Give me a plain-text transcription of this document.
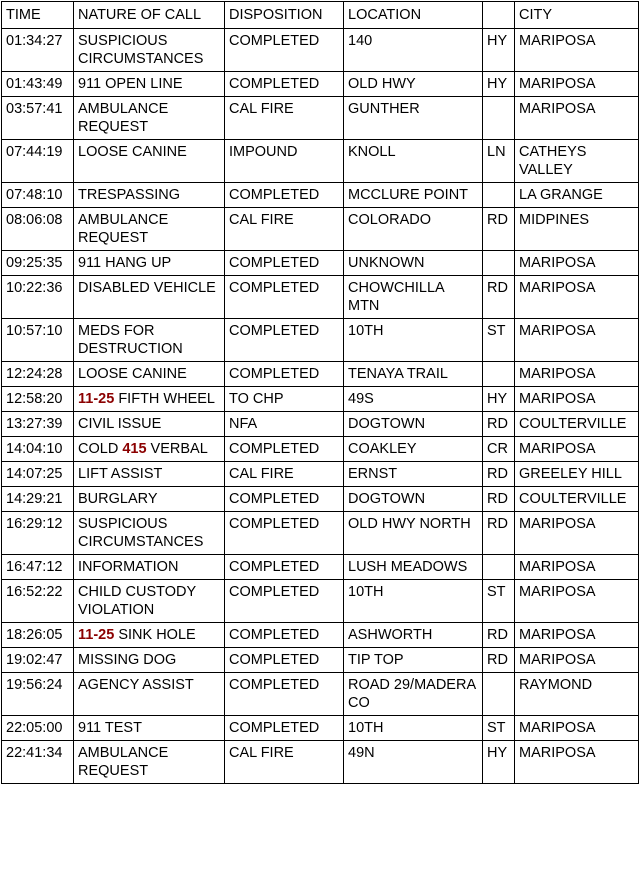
TIME	NATURE OF CALL	DISPOSITION	LOCATION		CITY
01:34:27	SUSPICIOUS CIRCUMSTANCES	COMPLETED	140	HY	MARIPOSA
01:43:49	911 OPEN LINE	COMPLETED	OLD HWY	HY	MARIPOSA
03:57:41	AMBULANCE REQUEST	CAL FIRE	GUNTHER		MARIPOSA
07:44:19	LOOSE CANINE	IMPOUND	KNOLL	LN	CATHEYS VALLEY
07:48:10	TRESPASSING	COMPLETED	MCCLURE POINT		LA GRANGE
08:06:08	AMBULANCE REQUEST	CAL FIRE	COLORADO	RD	MIDPINES
09:25:35	911 HANG UP	COMPLETED	UNKNOWN		MARIPOSA
10:22:36	DISABLED VEHICLE	COMPLETED	CHOWCHILLA MTN	RD	MARIPOSA
10:57:10	MEDS FOR DESTRUCTION	COMPLETED	10TH	ST	MARIPOSA
12:24:28	LOOSE CANINE	COMPLETED	TENAYA TRAIL		MARIPOSA
12:58:20	11-25 FIFTH WHEEL	TO CHP	49S	HY	MARIPOSA
13:27:39	CIVIL ISSUE	NFA	DOGTOWN	RD	COULTERVILLE
14:04:10	COLD 415 VERBAL	COMPLETED	COAKLEY	CR	MARIPOSA
14:07:25	LIFT ASSIST	CAL FIRE	ERNST	RD	GREELEY HILL
14:29:21	BURGLARY	COMPLETED	DOGTOWN	RD	COULTERVILLE
16:29:12	SUSPICIOUS CIRCUMSTANCES	COMPLETED	OLD HWY NORTH	RD	MARIPOSA
16:47:12	INFORMATION	COMPLETED	LUSH MEADOWS		MARIPOSA
16:52:22	CHILD CUSTODY VIOLATION	COMPLETED	10TH	ST	MARIPOSA
18:26:05	11-25 SINK HOLE	COMPLETED	ASHWORTH	RD	MARIPOSA
19:02:47	MISSING DOG	COMPLETED	TIP TOP	RD	MARIPOSA
19:56:24	AGENCY ASSIST	COMPLETED	ROAD 29/MADERA CO		RAYMOND
22:05:00	911 TEST	COMPLETED	10TH	ST	MARIPOSA
22:41:34	AMBULANCE REQUEST	CAL FIRE	49N	HY	MARIPOSA
